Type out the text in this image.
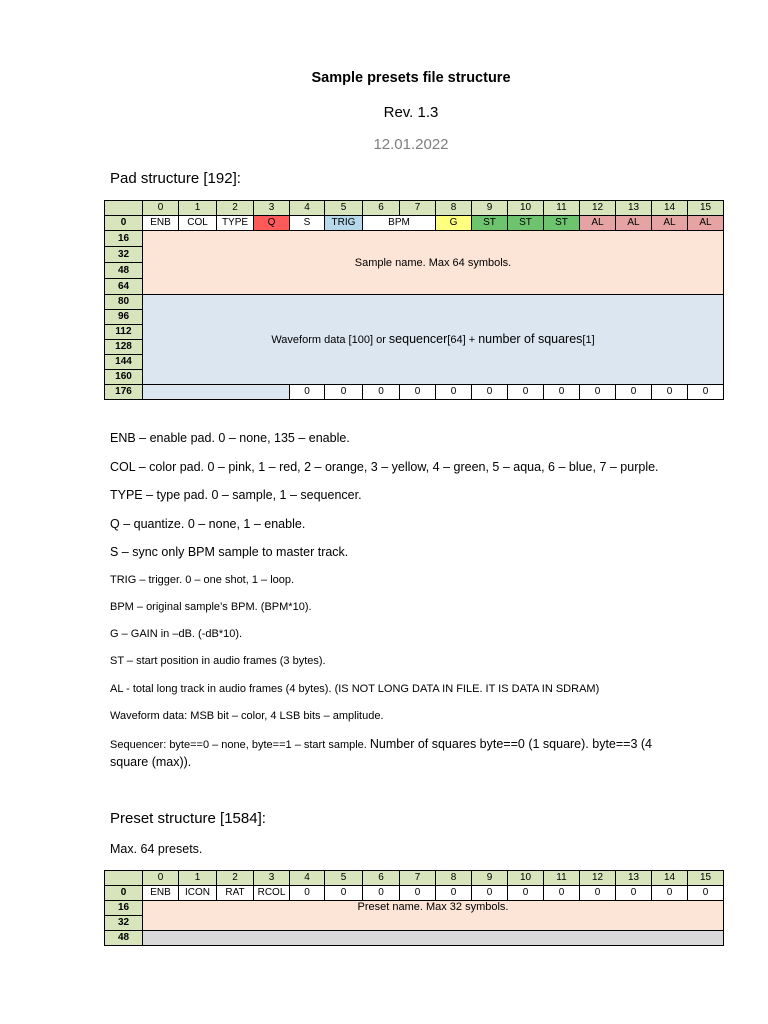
Sample presets file structure
Rev. 1.3
12.01.2022
Pad structure [192]:
	0	1	2	3	4	5	6	7	8	9	10	11	12	13	14	15
0	ENB	COL	TYPE	Q	S	TRIG	BPM		G	ST	ST	ST	AL	AL	AL	AL
16	Sample name. Max 64 symbols.															
32																
48																
64																
80	Waveform data [100] or sequencer[64] + number of squares[1]															
96																
112																
128																
144																
160																
176					0	0	0	0	0	0	0	0	0	0	0	0
ENB – enable pad. 0 – none, 135 – enable.
COL – color pad. 0 – pink, 1 – red, 2 – orange, 3 – yellow, 4 – green, 5 – aqua, 6 – blue, 7 – purple.
TYPE – type pad. 0 – sample, 1 – sequencer.
Q – quantize. 0 – none, 1 – enable.
S – sync only BPM sample to master track.
TRIG – trigger. 0 – one shot, 1 – loop.
BPM – original sample’s BPM. (BPM*10).
G – GAIN in –dB. (-dB*10).
ST – start position in audio frames (3 bytes).
AL - total long track in audio frames (4 bytes). (IS NOT LONG DATA IN FILE. IT IS DATA IN SDRAM)
Waveform data: MSB bit – color, 4 LSB bits – amplitude.
Sequencer: byte==0 – none, byte==1 – start sample. Number of squares byte==0 (1 square). byte==3 (4
square (max)).
Preset structure [1584]:
Max. 64 presets.
	0	1	2	3	4	5	6	7	8	9	10	11	12	13	14	15
0	ENB	ICON	RAT	RCOL	0	0	0	0	0	0	0	0	0	0	0	0
16	Preset name. Max 32 symbols.															
32																
48																
